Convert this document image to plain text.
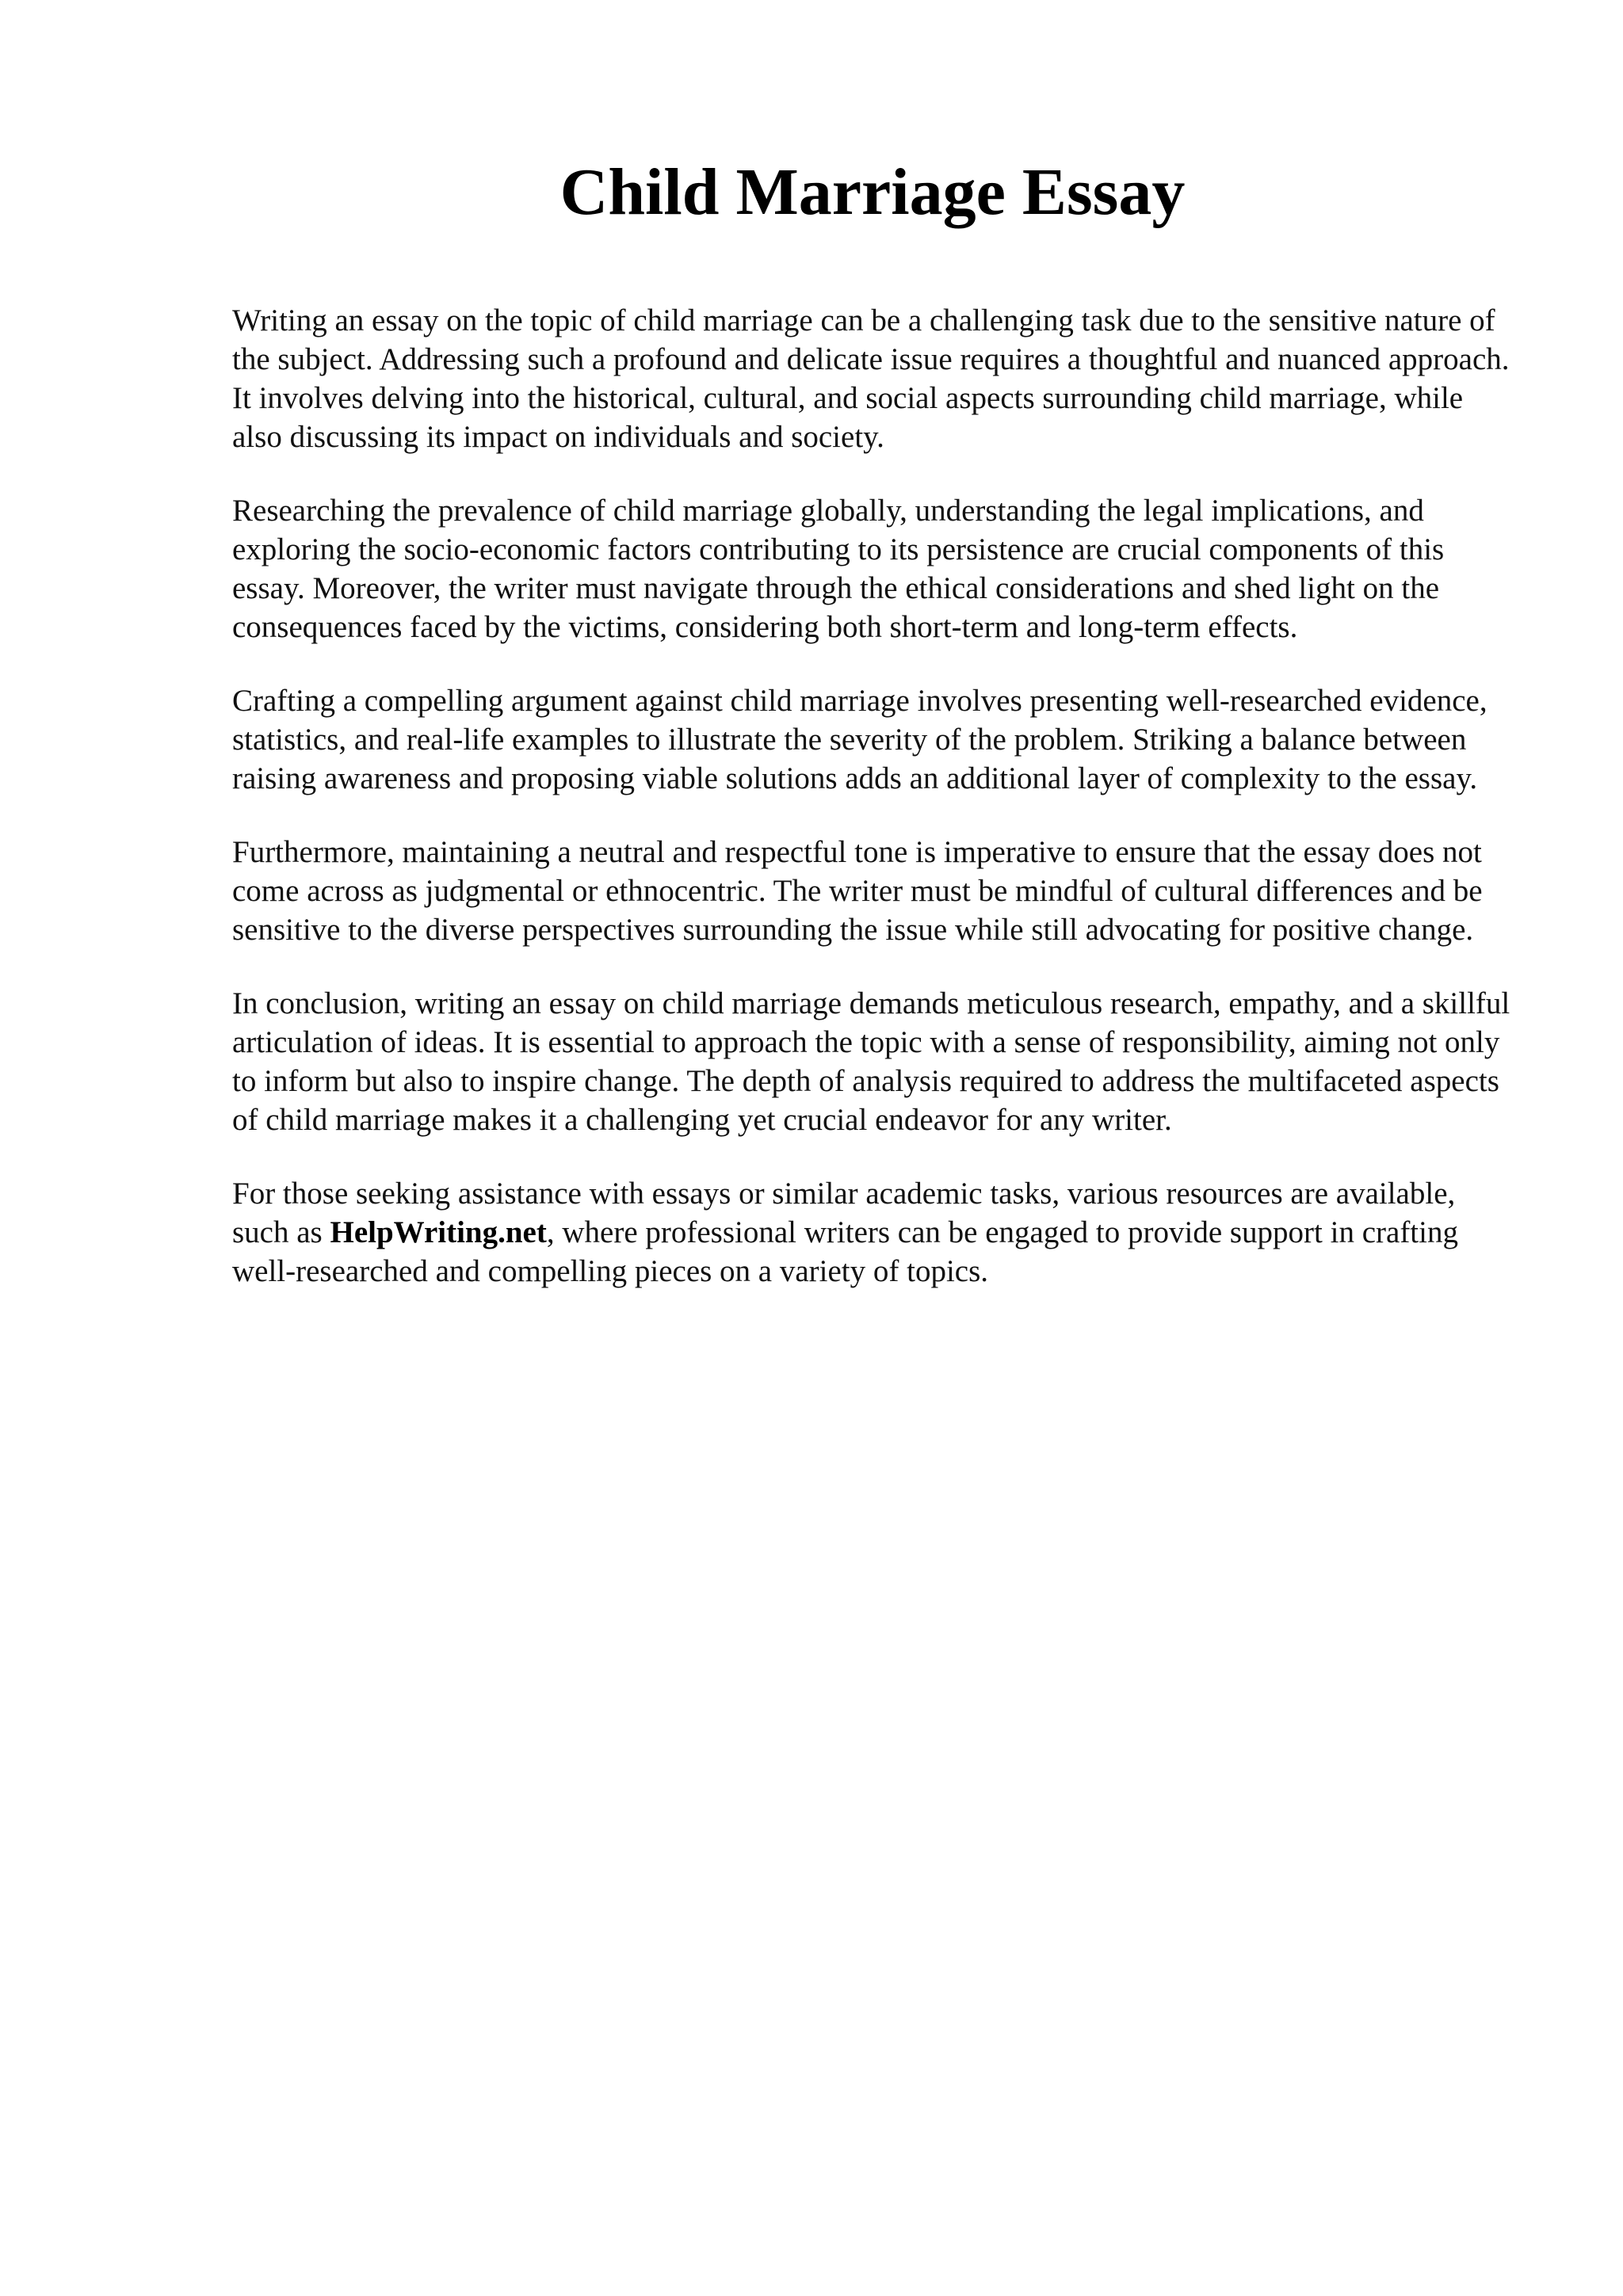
Child Marriage Essay

Writing an essay on the topic of child marriage can be a challenging task due to the sensitive nature of the subject. Addressing such a profound and delicate issue requires a thoughtful and nuanced approach. It involves delving into the historical, cultural, and social aspects surrounding child marriage, while also discussing its impact on individuals and society.

Researching the prevalence of child marriage globally, understanding the legal implications, and exploring the socio-economic factors contributing to its persistence are crucial components of this essay. Moreover, the writer must navigate through the ethical considerations and shed light on the consequences faced by the victims, considering both short-term and long-term effects.

Crafting a compelling argument against child marriage involves presenting well-researched evidence, statistics, and real-life examples to illustrate the severity of the problem. Striking a balance between raising awareness and proposing viable solutions adds an additional layer of complexity to the essay.

Furthermore, maintaining a neutral and respectful tone is imperative to ensure that the essay does not come across as judgmental or ethnocentric. The writer must be mindful of cultural differences and be sensitive to the diverse perspectives surrounding the issue while still advocating for positive change.

In conclusion, writing an essay on child marriage demands meticulous research, empathy, and a skillful articulation of ideas. It is essential to approach the topic with a sense of responsibility, aiming not only to inform but also to inspire change. The depth of analysis required to address the multifaceted aspects of child marriage makes it a challenging yet crucial endeavor for any writer.

For those seeking assistance with essays or similar academic tasks, various resources are available, such as HelpWriting.net, where professional writers can be engaged to provide support in crafting well-researched and compelling pieces on a variety of topics.
